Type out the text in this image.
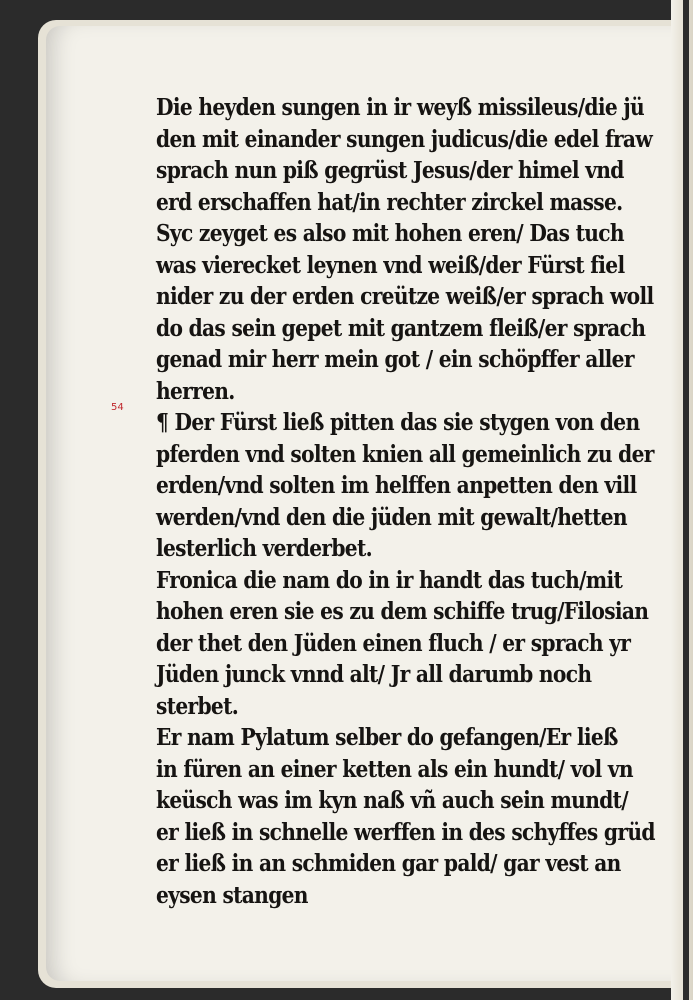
54
Die heyden sungen in ir weyß missileus/die jü
den mit einander sungen judicus/die edel fraw
sprach nun piß gegrüst Jesus/der himel vnd
erd erschaffen hat/in rechter zirckel masse.
Syc zeyget es also mit hohen eren/ Das tuch
was vierecket leynen vnd weiß/der Fürst fiel
nider zu der erden creütze weiß/er sprach woll
do das sein gepet mit gantzem fleiß/er sprach
genad mir herr mein got / ein schöpffer aller
herren.
¶ Der Fürst ließ pitten das sie stygen von den
pferden vnd solten knien all gemeinlich zu der
erden/vnd solten im helffen anpetten den vill
werden/vnd den die jüden mit gewalt/hetten
lesterlich verderbet.
Fronica die nam do in ir handt das tuch/mit
hohen eren sie es zu dem schiffe trug/Filosian
der thet den Jüden einen fluch / er sprach yr
Jüden junck vnnd alt/ Jr all darumb noch
sterbet.
Er nam Pylatum selber do gefangen/Er ließ
in füren an einer ketten als ein hundt/ vol vn
keüsch was im kyn naß vñ auch sein mundt/
er ließ in schnelle werffen in des schyffes grüd
er ließ in an schmiden gar pald/ gar vest an
eysen stangen
